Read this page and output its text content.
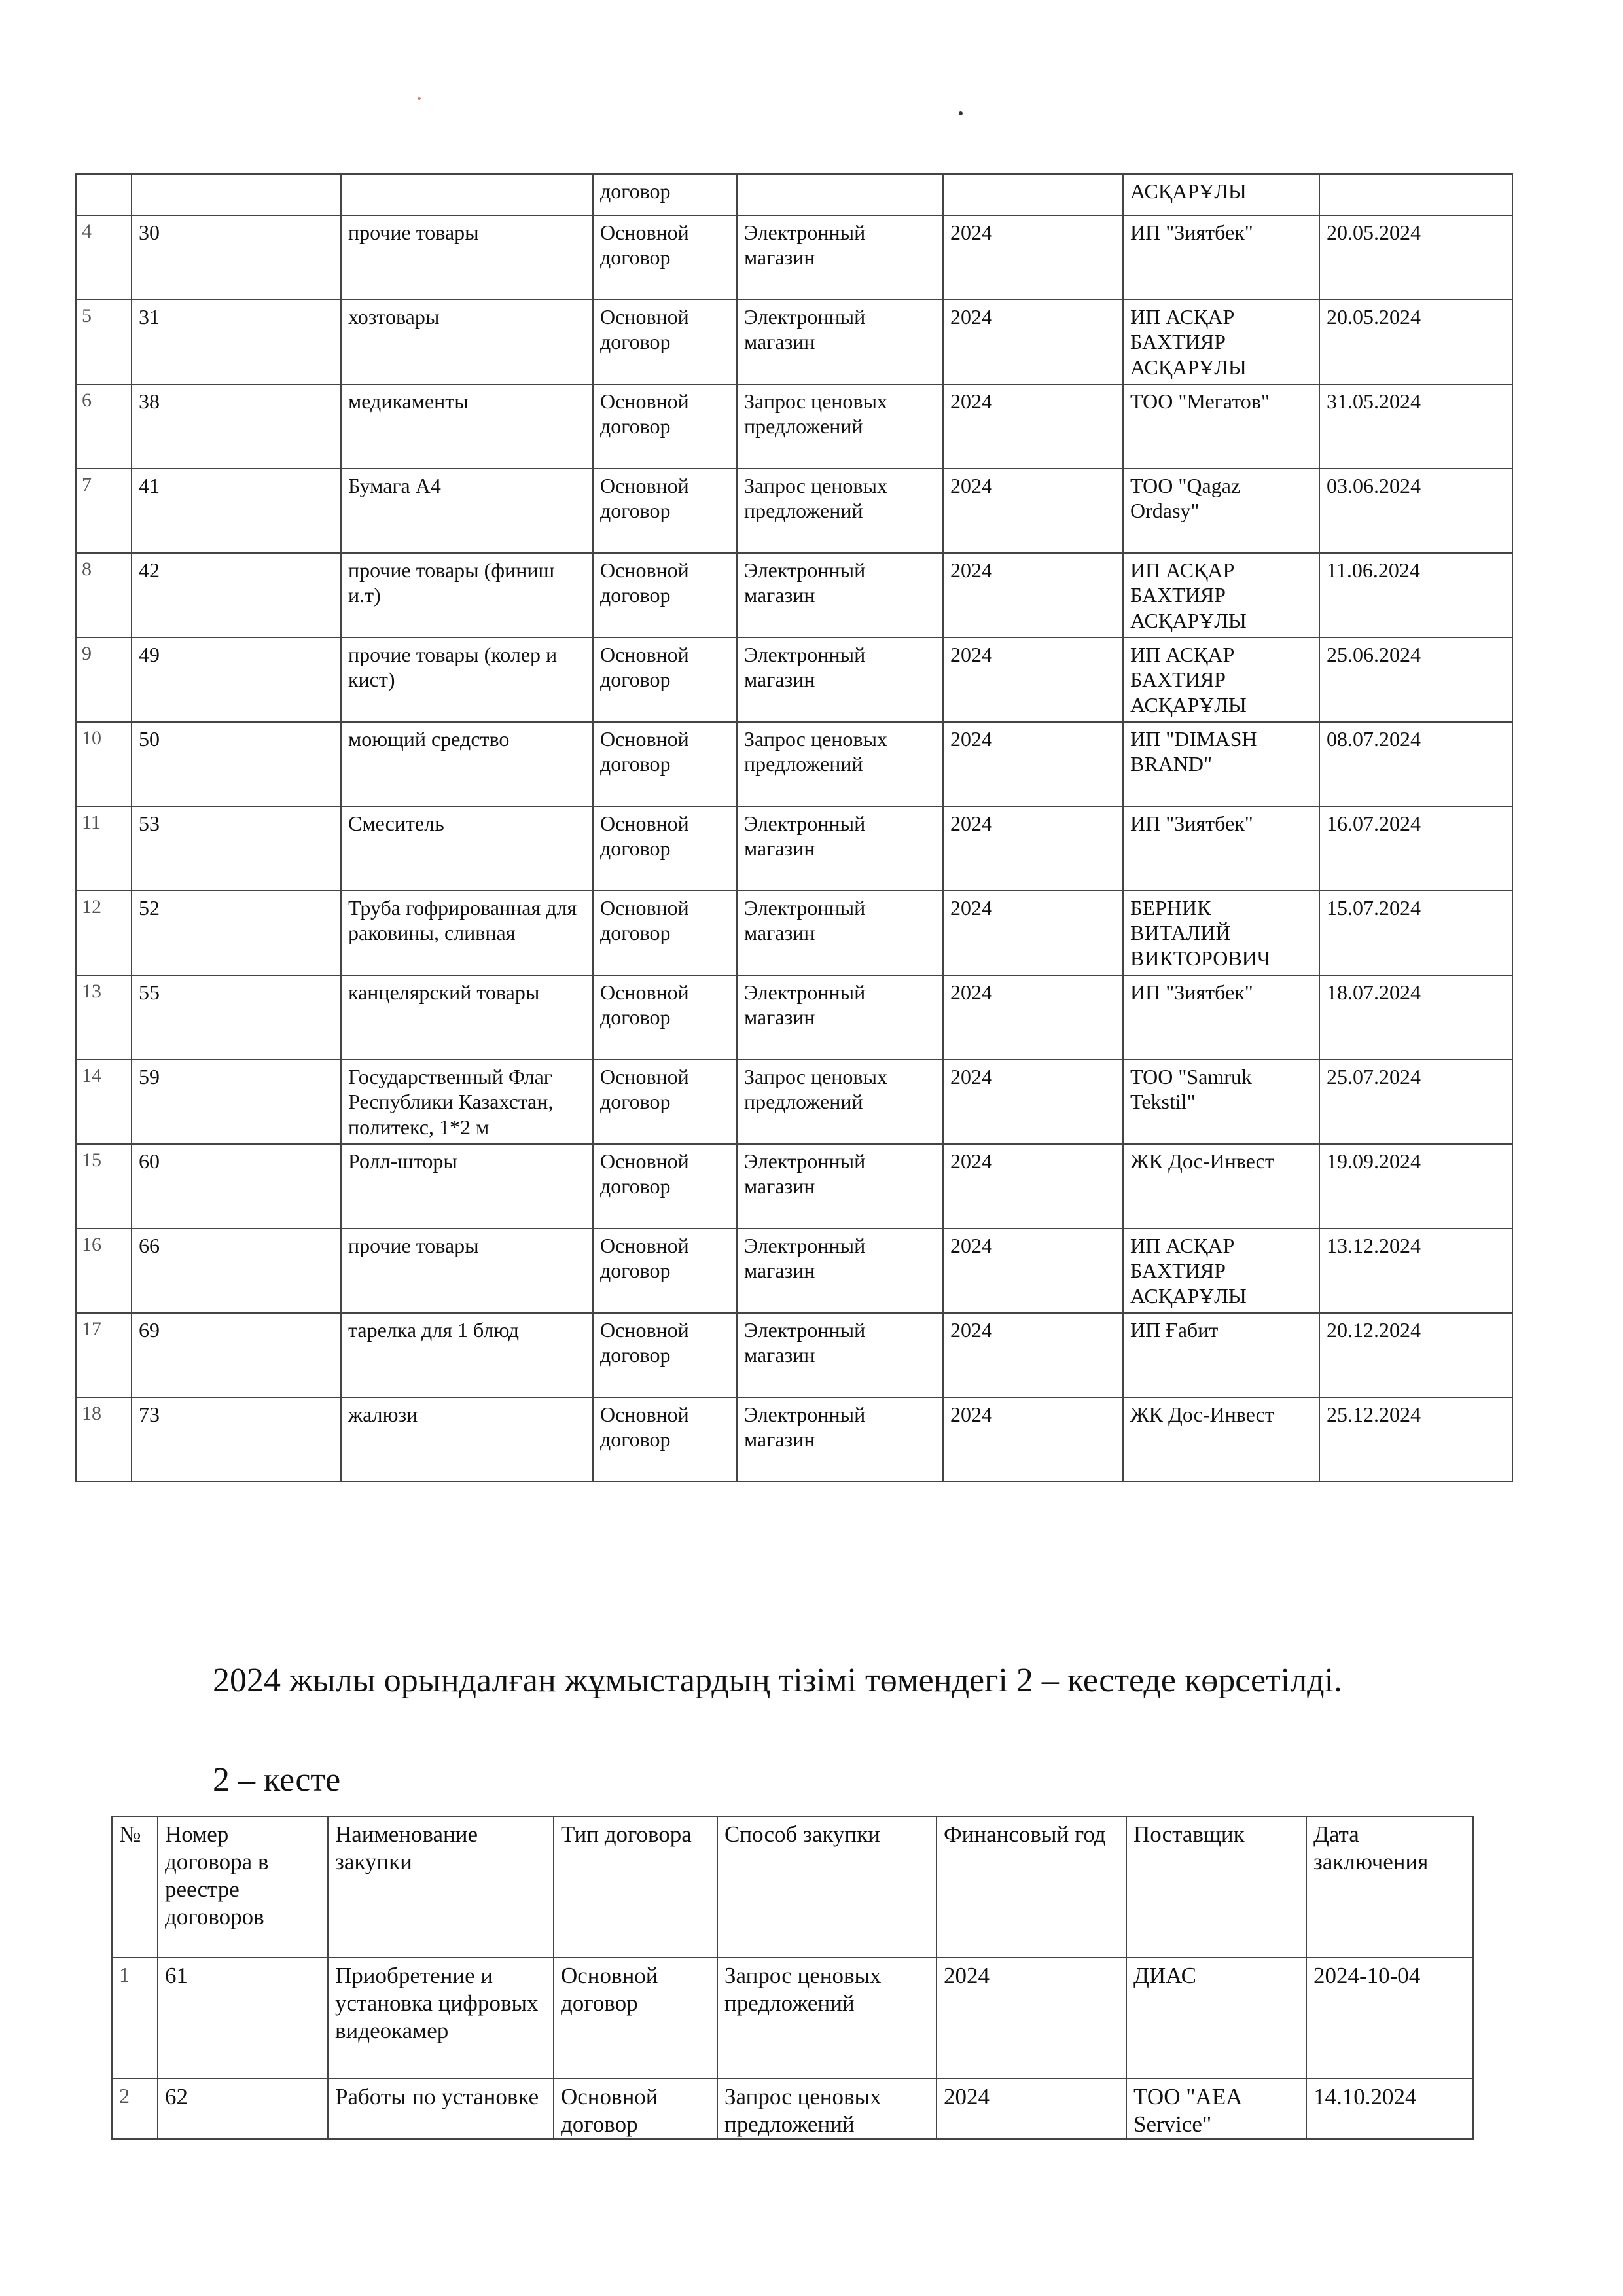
			договор			АСҚАРҰЛЫ	
4	30	прочие товары	Основной договор	Электронный магазин	2024	ИП "Зиятбек"	20.05.2024
5	31	хозтовары	Основной договор	Электронный магазин	2024	ИП АСҚАР БАХТИЯР АСҚАРҰЛЫ	20.05.2024
6	38	медикаменты	Основной договор	Запрос ценовых предложений	2024	ТОО "Мегатов"	31.05.2024
7	41	Бумага А4	Основной договор	Запрос ценовых предложений	2024	ТОО "Qagaz Ordasy"	03.06.2024
8	42	прочие товары (финиш и.т)	Основной договор	Электронный магазин	2024	ИП АСҚАР БАХТИЯР АСҚАРҰЛЫ	11.06.2024
9	49	прочие товары (колер и кист)	Основной договор	Электронный магазин	2024	ИП АСҚАР БАХТИЯР АСҚАРҰЛЫ	25.06.2024
10	50	моющий средство	Основной договор	Запрос ценовых предложений	2024	ИП "DIMASH BRAND"	08.07.2024
11	53	Смеситель	Основной договор	Электронный магазин	2024	ИП "Зиятбек"	16.07.2024
12	52	Труба гофрированная для раковины, сливная	Основной договор	Электронный магазин	2024	БЕРНИК ВИТАЛИЙ ВИКТОРОВИЧ	15.07.2024
13	55	канцелярский товары	Основной договор	Электронный магазин	2024	ИП "Зиятбек"	18.07.2024
14	59	Государственный Флаг Республики Казахстан, политекс, 1*2 м	Основной договор	Запрос ценовых предложений	2024	ТОО "Samruk Tekstil"	25.07.2024
15	60	Ролл-шторы	Основной договор	Электронный магазин	2024	ЖК Дос-Инвест	19.09.2024
16	66	прочие товары	Основной договор	Электронный магазин	2024	ИП АСҚАР БАХТИЯР АСҚАРҰЛЫ	13.12.2024
17	69	тарелка для 1 блюд	Основной договор	Электронный магазин	2024	ИП Ғабит	20.12.2024
18	73	жалюзи	Основной договор	Электронный магазин	2024	ЖК Дос-Инвест	25.12.2024
2024 жылы орындалған жұмыстардың тізімі төмендегі 2 – кестеде көрсетілді.
2 – кесте
№	Номер договора в реестре договоров	Наименование закупки	Тип договора	Способ закупки	Финансовый год	Поставщик	Дата заключения
1	61	Приобретение и установка цифровых видеокамер	Основной договор	Запрос ценовых предложений	2024	ДИАС	2024-10-04
2	62	Работы по установке	Основной договор	Запрос ценовых предложений	2024	ТОО "AEA Service"	14.10.2024
